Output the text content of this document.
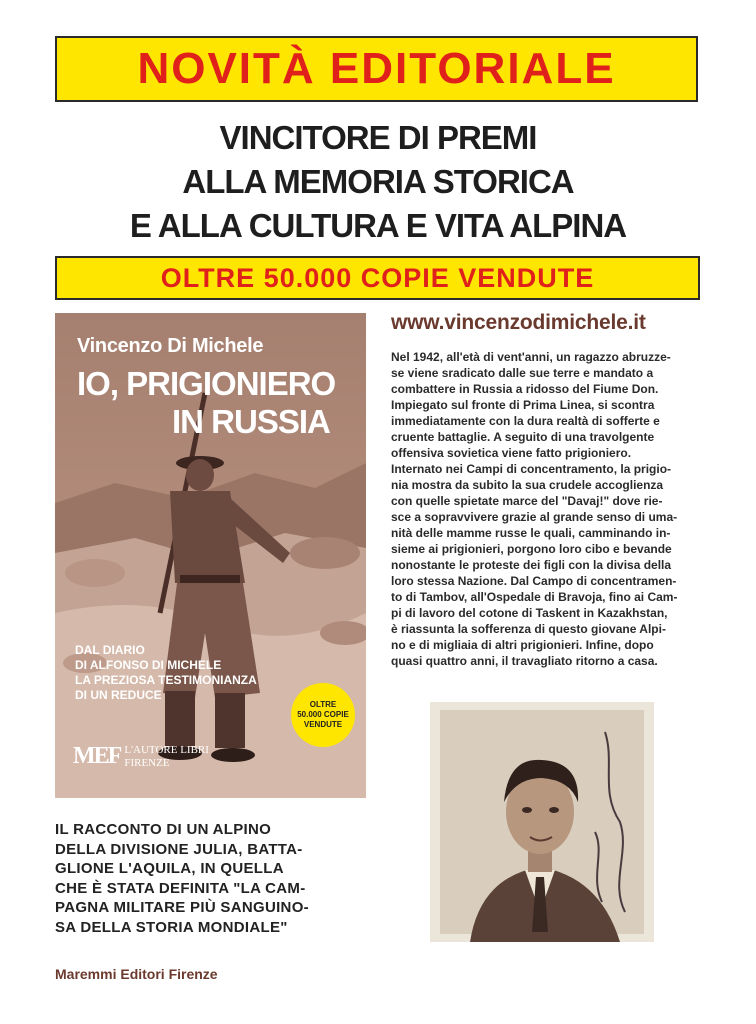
NOVITÀ EDITORIALE
VINCITORE DI PREMI
ALLA MEMORIA STORICA
E ALLA CULTURA E VITA ALPINA
OLTRE 50.000 COPIE VENDUTE
Vincenzo Di Michele
IO, PRIGIONIERO
IN RUSSIA
DAL DIARIO
DI ALFONSO DI MICHELE
LA PREZIOSA TESTIMONIANZA
DI UN REDUCE
OLTRE
50.000 COPIE
VENDUTE
MEF L'AUTORE LIBRI
FIRENZE
www.vincenzodimichele.it
Nel 1942, all'età di vent'anni, un ragazzo abruzze-
se viene sradicato dalle sue terre e mandato a
combattere in Russia a ridosso del Fiume Don.
Impiegato sul fronte di Prima Linea, si scontra
immediatamente con la dura realtà di sofferte e
cruente battaglie. A seguito di una travolgente
offensiva sovietica viene fatto prigioniero.
Internato nei Campi di concentramento, la prigio-
nia mostra da subito la sua crudele accoglienza
con quelle spietate marce del "Davaj!" dove rie-
sce a sopravvivere grazie al grande senso di uma-
nità delle mamme russe le quali, camminando in-
sieme ai prigionieri, porgono loro cibo e bevande
nonostante le proteste dei figli con la divisa della
loro stessa Nazione. Dal Campo di concentramen-
to di Tambov, all'Ospedale di Bravoja, fino ai Cam-
pi di lavoro del cotone di Taskent in Kazakhstan,
è riassunta la sofferenza di questo giovane Alpi-
no e di migliaia di altri prigionieri. Infine, dopo
quasi quattro anni, il travagliato ritorno a casa.
IL RACCONTO DI UN ALPINO
DELLA DIVISIONE JULIA, BATTA-
GLIONE L'AQUILA, IN QUELLA
CHE È STATA DEFINITA "LA CAM-
PAGNA MILITARE PIÙ SANGUINO-
SA DELLA STORIA MONDIALE"
Maremmi Editori Firenze
